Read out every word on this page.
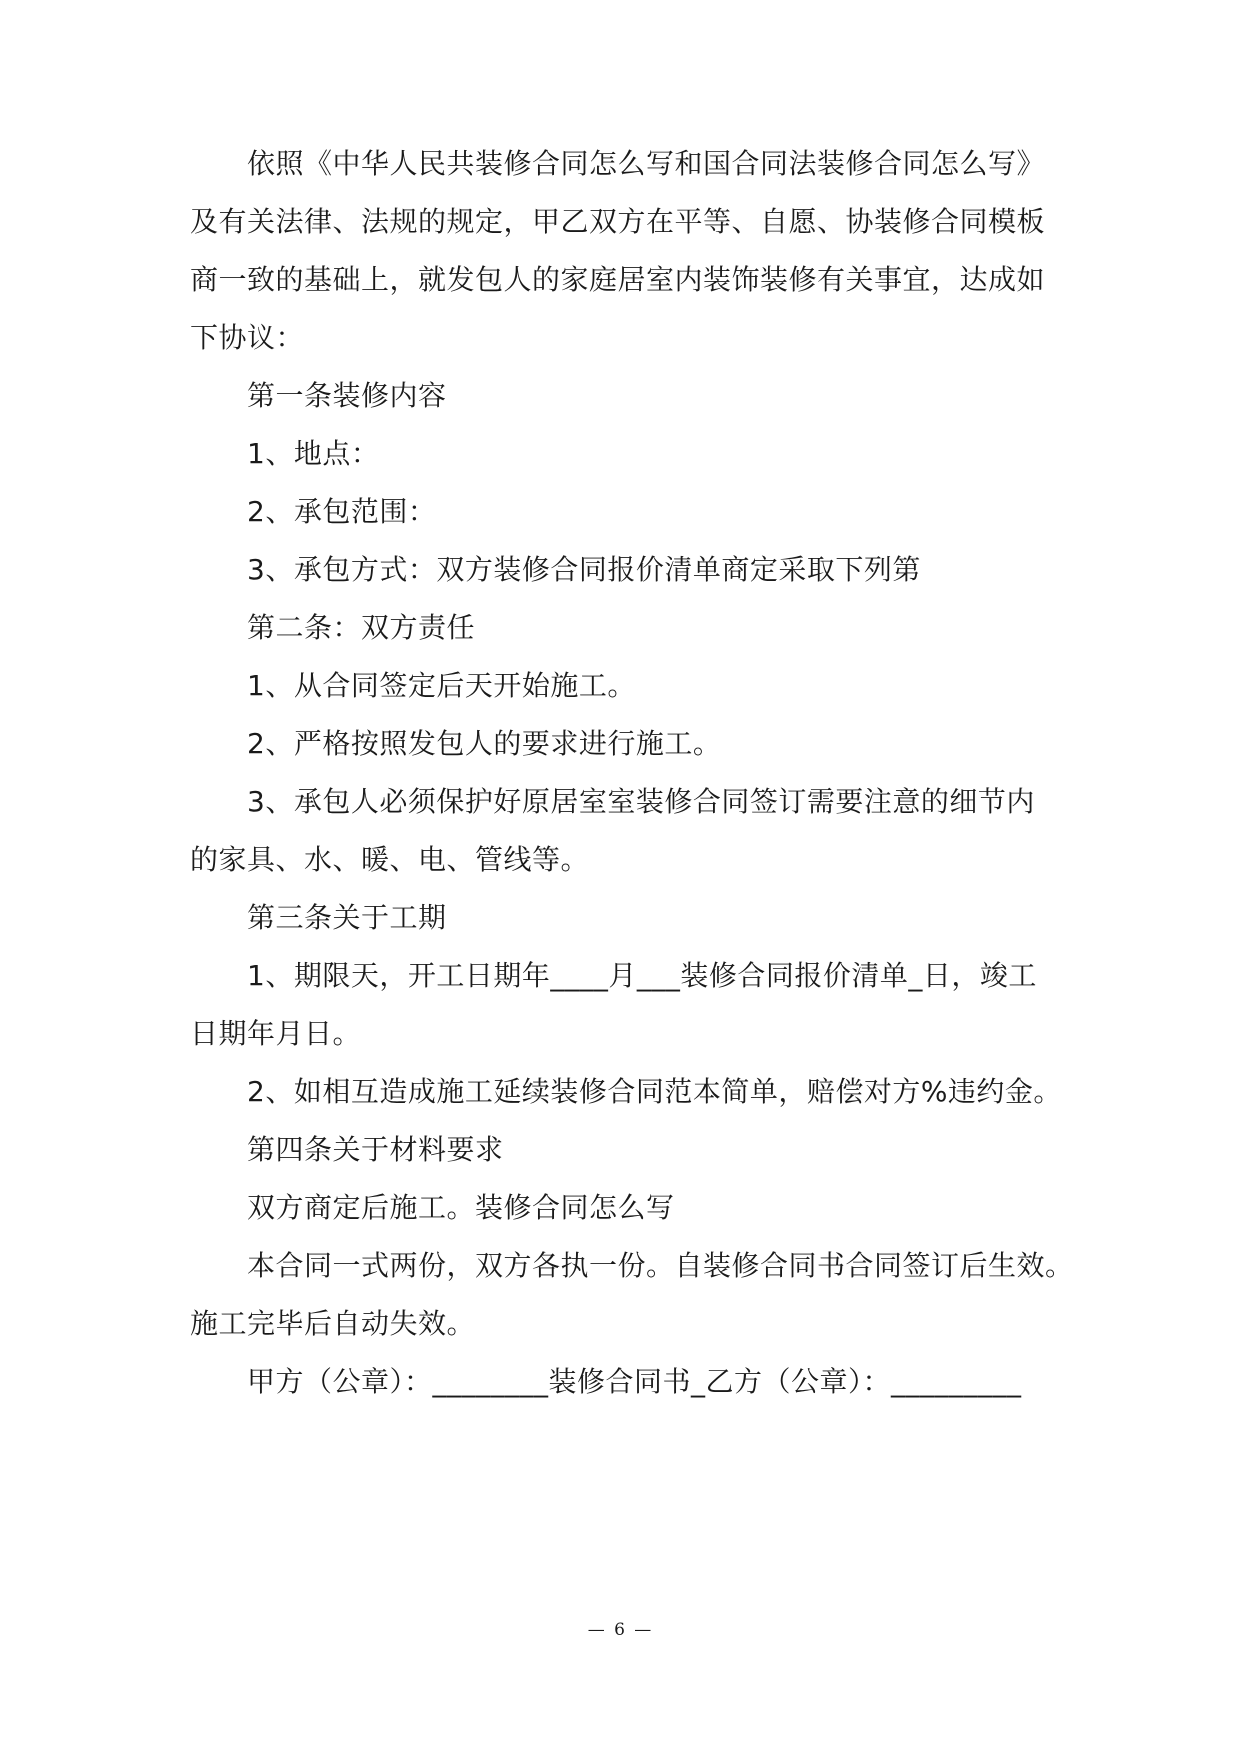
依照《中华人民共装修合同怎么写和国合同法装修合同怎么写》
及有关法律、法规的规定，甲乙双方在平等、自愿、协装修合同模板
商一致的基础上，就发包人的家庭居室内装饰装修有关事宜，达成如
下协议：
第一条装修内容
1、地点：
2、承包范围：
3、承包方式：双方装修合同报价清单商定采取下列第
第二条：双方责任
1、从合同签定后天开始施工。
2、严格按照发包人的要求进行施工。
3、承包人必须保护好原居室室装修合同签订需要注意的细节内
的家具、水、暖、电、管线等。
第三条关于工期
1、期限天，开工日期年____月___装修合同报价清单_日，竣工
日期年月日。
2、如相互造成施工延续装修合同范本简单，赔偿对方%违约金。
第四条关于材料要求
双方商定后施工。装修合同怎么写
本合同一式两份，双方各执一份。自装修合同书合同签订后生效。
施工完毕后自动失效。
甲方（公章）：________装修合同书_乙方（公章）：_________
— 6 —
